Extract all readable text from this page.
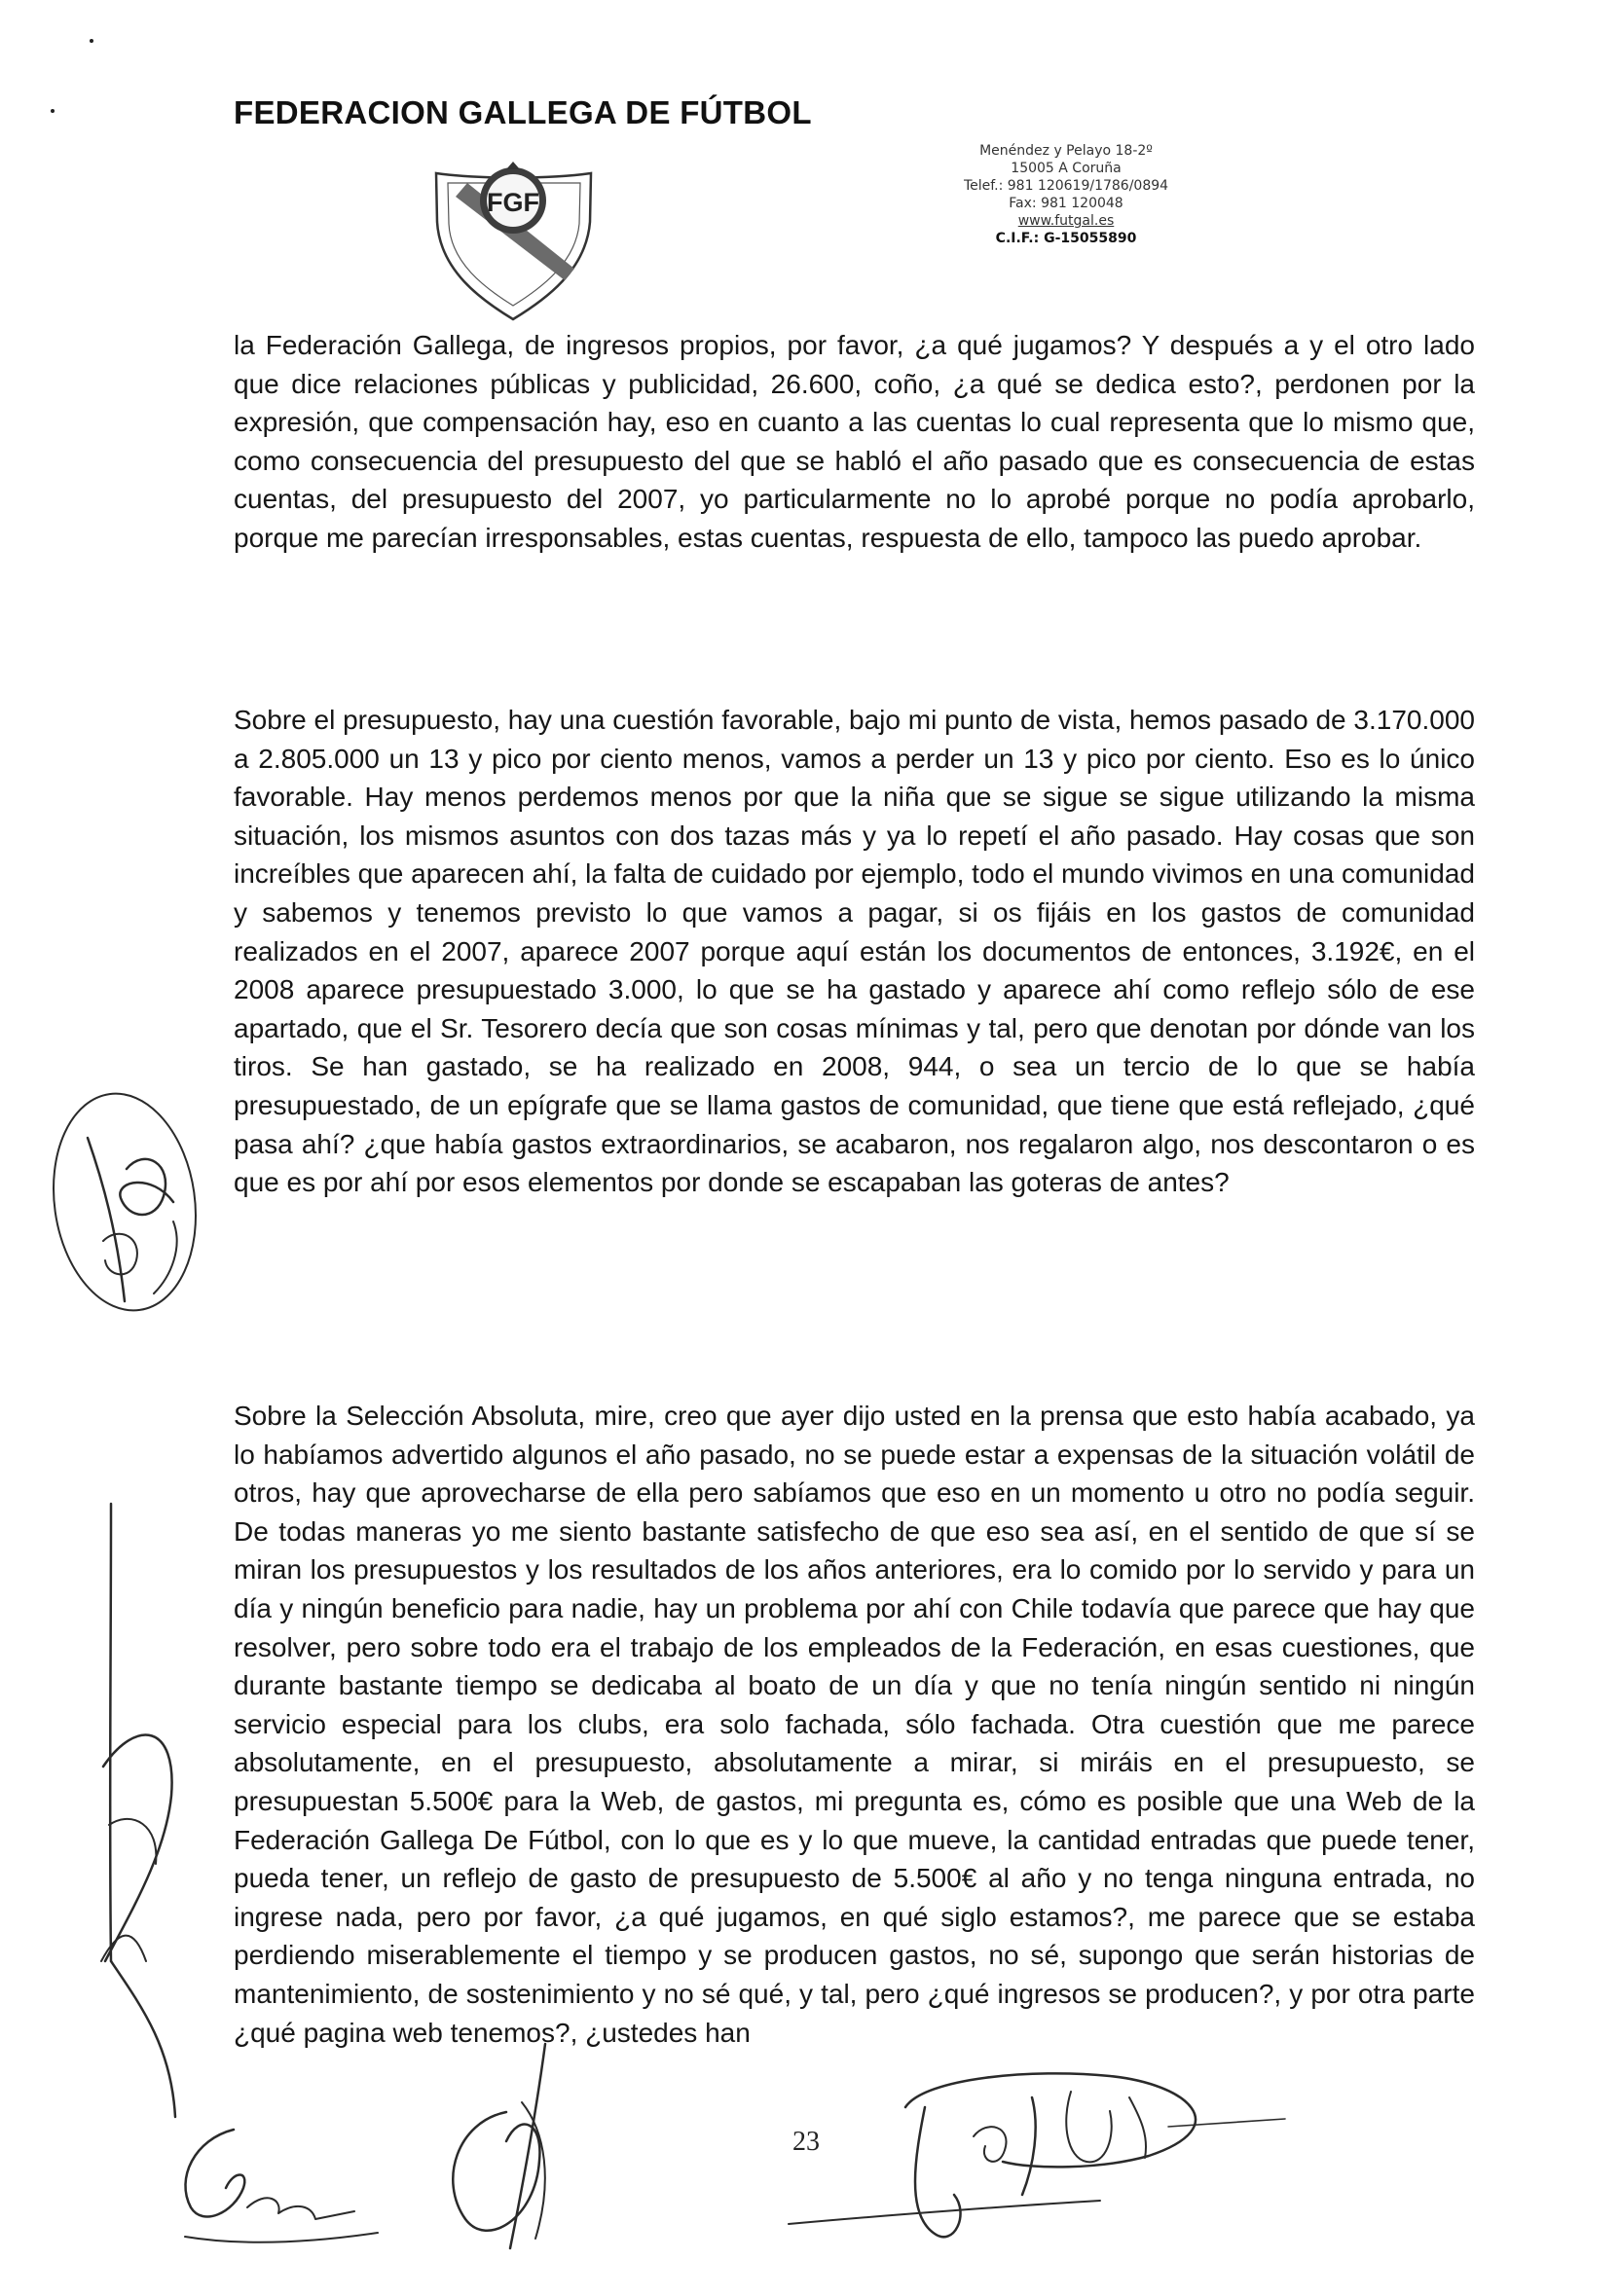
FEDERACION GALLEGA DE FÚTBOL
FGF
Menéndez y Pelayo 18-2º
15005 A Coruña
Telef.: 981 120619/1786/0894
Fax: 981 120048
www.futgal.es
C.I.F.: G-15055890

la Federación Gallega, de ingresos propios, por favor, ¿a qué jugamos? Y después a y el otro lado que dice relaciones públicas y publicidad, 26.600, coño, ¿a qué se dedica esto?, perdonen por la expresión, que compensación hay, eso en cuanto a las cuentas lo cual representa que lo mismo que, como consecuencia del presupuesto del que se habló el año pasado que es consecuencia de estas cuentas, del presupuesto del 2007, yo particularmente no lo aprobé porque no podía aprobarlo, porque me parecían irresponsables, estas cuentas, respuesta de ello, tampoco las puedo aprobar.

Sobre el presupuesto, hay una cuestión favorable, bajo mi punto de vista, hemos pasado de 3.170.000 a 2.805.000 un 13 y pico por ciento menos, vamos a perder un 13 y pico por ciento. Eso es lo único favorable. Hay menos perdemos menos por que la niña que se sigue se sigue utilizando la misma situación, los mismos asuntos con dos tazas más y ya lo repetí el año pasado. Hay cosas que son increíbles que aparecen ahí, la falta de cuidado por ejemplo, todo el mundo vivimos en una comunidad y sabemos y tenemos previsto lo que vamos a pagar, si os fijáis en los gastos de comunidad realizados en el 2007, aparece 2007 porque aquí están los documentos de entonces, 3.192€, en el 2008 aparece presupuestado 3.000, lo que se ha gastado y aparece ahí como reflejo sólo de ese apartado, que el Sr. Tesorero decía que son cosas mínimas y tal, pero que denotan por dónde van los tiros. Se han gastado, se ha realizado en 2008, 944, o sea un tercio de lo que se había presupuestado, de un epígrafe que se llama gastos de comunidad, que tiene que está reflejado, ¿qué pasa ahí? ¿que había gastos extraordinarios, se acabaron, nos regalaron algo, nos descontaron o es que es por ahí por esos elementos por donde se escapaban las goteras de antes?

Sobre la Selección Absoluta, mire, creo que ayer dijo usted en la prensa que esto había acabado, ya lo habíamos advertido algunos el año pasado, no se puede estar a expensas de la situación volátil de otros, hay que aprovecharse de ella pero sabíamos que eso en un momento u otro no podía seguir. De todas maneras yo me siento bastante satisfecho de que eso sea así, en el sentido de que sí se miran los presupuestos y los resultados de los años anteriores, era lo comido por lo servido y para un día y ningún beneficio para nadie, hay un problema por ahí con Chile todavía que parece que hay que resolver, pero sobre todo era el trabajo de los empleados de la Federación, en esas cuestiones, que durante bastante tiempo se dedicaba al boato de un día y que no tenía ningún sentido ni ningún servicio especial para los clubs, era solo fachada, sólo fachada. Otra cuestión que me parece absolutamente, en el presupuesto, absolutamente a mirar, si miráis en el presupuesto, se presupuestan 5.500€ para la Web, de gastos, mi pregunta es, cómo es posible que una Web de la Federación Gallega De Fútbol, con lo que es y lo que mueve, la cantidad entradas que puede tener, pueda tener, un reflejo de gasto de presupuesto de 5.500€ al año y no tenga ninguna entrada, no ingrese nada, pero por favor, ¿a qué jugamos, en qué siglo estamos?, me parece que se estaba perdiendo miserablemente el tiempo y se producen gastos, no sé, supongo que serán historias de mantenimiento, de sostenimiento y no sé qué, y tal, pero ¿qué ingresos se producen?, y por otra parte ¿qué pagina web tenemos?, ¿ustedes han

23
